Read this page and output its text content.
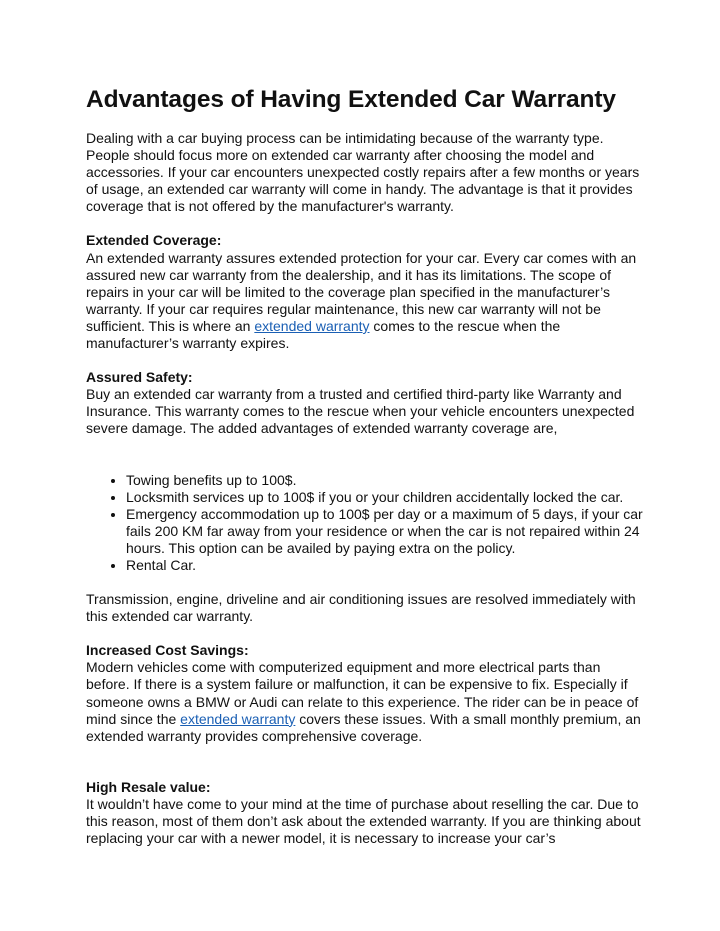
Advantages of Having Extended Car Warranty

Dealing with a car buying process can be intimidating because of the warranty type. People should focus more on extended car warranty after choosing the model and accessories. If your car encounters unexpected costly repairs after a few months or years of usage, an extended car warranty will come in handy. The advantage is that it provides coverage that is not offered by the manufacturer's warranty.

Extended Coverage:
An extended warranty assures extended protection for your car. Every car comes with an assured new car warranty from the dealership, and it has its limitations. The scope of repairs in your car will be limited to the coverage plan specified in the manufacturer’s warranty. If your car requires regular maintenance, this new car warranty will not be sufficient. This is where an extended warranty comes to the rescue when the manufacturer’s warranty expires.

Assured Safety:
Buy an extended car warranty from a trusted and certified third-party like Warranty and Insurance. This warranty comes to the rescue when your vehicle encounters unexpected severe damage. The added advantages of extended warranty coverage are,

• Towing benefits up to 100$.
• Locksmith services up to 100$ if you or your children accidentally locked the car.
• Emergency accommodation up to 100$ per day or a maximum of 5 days, if your car fails 200 KM far away from your residence or when the car is not repaired within 24 hours. This option can be availed by paying extra on the policy.
• Rental Car.

Transmission, engine, driveline and air conditioning issues are resolved immediately with this extended car warranty.

Increased Cost Savings:
Modern vehicles come with computerized equipment and more electrical parts than before. If there is a system failure or malfunction, it can be expensive to fix. Especially if someone owns a BMW or Audi can relate to this experience. The rider can be in peace of mind since the extended warranty covers these issues. With a small monthly premium, an extended warranty provides comprehensive coverage.

High Resale value:
It wouldn’t have come to your mind at the time of purchase about reselling the car. Due to this reason, most of them don’t ask about the extended warranty. If you are thinking about replacing your car with a newer model, it is necessary to increase your car’s
